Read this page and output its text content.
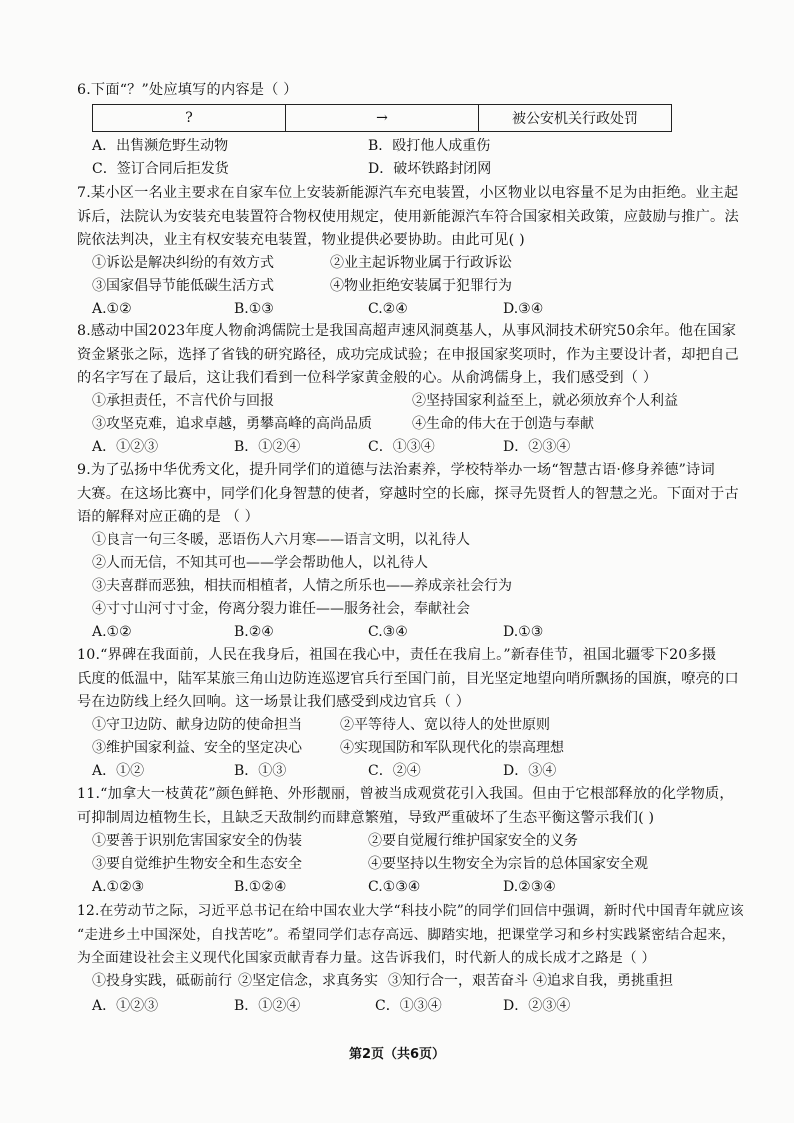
6.下面“？”处应填写的内容是（ ）
?	→	被公安机关行政处罚
A．出售濒危野生动物	B．殴打他人成重伤
C．签订合同后拒发货	D．破坏铁路封闭网
7.某小区一名业主要求在自家车位上安装新能源汽车充电装置，小区物业以电容量不足为由拒绝。业主起
诉后，法院认为安装充电装置符合物权使用规定，使用新能源汽车符合国家相关政策，应鼓励与推广。法
院依法判决，业主有权安装充电装置，物业提供必要协助。由此可见( )
①诉讼是解决纠纷的有效方式	②业主起诉物业属于行政诉讼
③国家倡导节能低碳生活方式	④物业拒绝安装属于犯罪行为
A.①②	B.①③	C.②④	D.③④
8.感动中国2023年度人物俞鸿儒院士是我国高超声速风洞奠基人，从事风洞技术研究50余年。他在国家
资金紧张之际，选择了省钱的研究路径，成功完成试验；在申报国家奖项时，作为主要设计者，却把自己
的名字写在了最后，这让我们看到一位科学家黄金般的心。从俞鸿儒身上，我们感受到（ ）
①承担责任，不言代价与回报	②坚持国家利益至上，就必须放弃个人利益
③攻坚克难，追求卓越，勇攀高峰的高尚品质	④生命的伟大在于创造与奉献
A．①②③	B．①②④	C．①③④	D．②③④
9.为了弘扬中华优秀文化，提升同学们的道德与法治素养，学校特举办一场“智慧古语·修身养德”诗词
大赛。在这场比赛中，同学们化身智慧的使者，穿越时空的长廊，探寻先贤哲人的智慧之光。下面对于古
语的解释对应正确的是 （ ）
①良言一句三冬暖，恶语伤人六月寒——语言文明，以礼待人
②人而无信，不知其可也——学会帮助他人，以礼待人
③夫喜群而恶独，相扶而相植者，人情之所乐也——养成亲社会行为
④寸寸山河寸寸金，侉离分裂力谁任——服务社会，奉献社会
A.①②	B.②④	C.③④	D.①③
10.“界碑在我面前，人民在我身后，祖国在我心中，责任在我肩上。”新春佳节，祖国北疆零下20多摄
氏度的低温中，陆军某旅三角山边防连巡逻官兵行至国门前，目光坚定地望向哨所飘扬的国旗，嘹亮的口
号在边防线上经久回响。这一场景让我们感受到戍边官兵（ ）
①守卫边防、献身边防的使命担当	②平等待人、宽以待人的处世原则
③维护国家利益、安全的坚定决心	④实现国防和军队现代化的崇高理想
A．①②	B．①③	C．②④	D．③④
11.“加拿大一枝黄花”颜色鲜艳、外形靓丽，曾被当成观赏花引入我国。但由于它根部释放的化学物质，
可抑制周边植物生长，且缺乏天敌制约而肆意繁殖，导致严重破坏了生态平衡这警示我们( )
①要善于识别危害国家安全的伪装	②要自觉履行维护国家安全的义务
③要自觉维护生物安全和生态安全	④要坚持以生物安全为宗旨的总体国家安全观
A.①②③	B.①②④	C.①③④	D.②③④
12.在劳动节之际，习近平总书记在给中国农业大学“科技小院”的同学们回信中强调，新时代中国青年就应该
“走进乡土中国深处，自找苦吃”。希望同学们志存高远、脚踏实地，把课堂学习和乡村实践紧密结合起来，
为全面建设社会主义现代化国家贡献青春力量。这告诉我们，时代新人的成长成才之路是（ ）
①投身实践，砥砺前行 ②坚定信念，求真务实 ③知行合一，艰苦奋斗 ④追求自我，勇挑重担
A．①②③	B．①②④	C．①③④	D．②③④
第2页（共6页）
